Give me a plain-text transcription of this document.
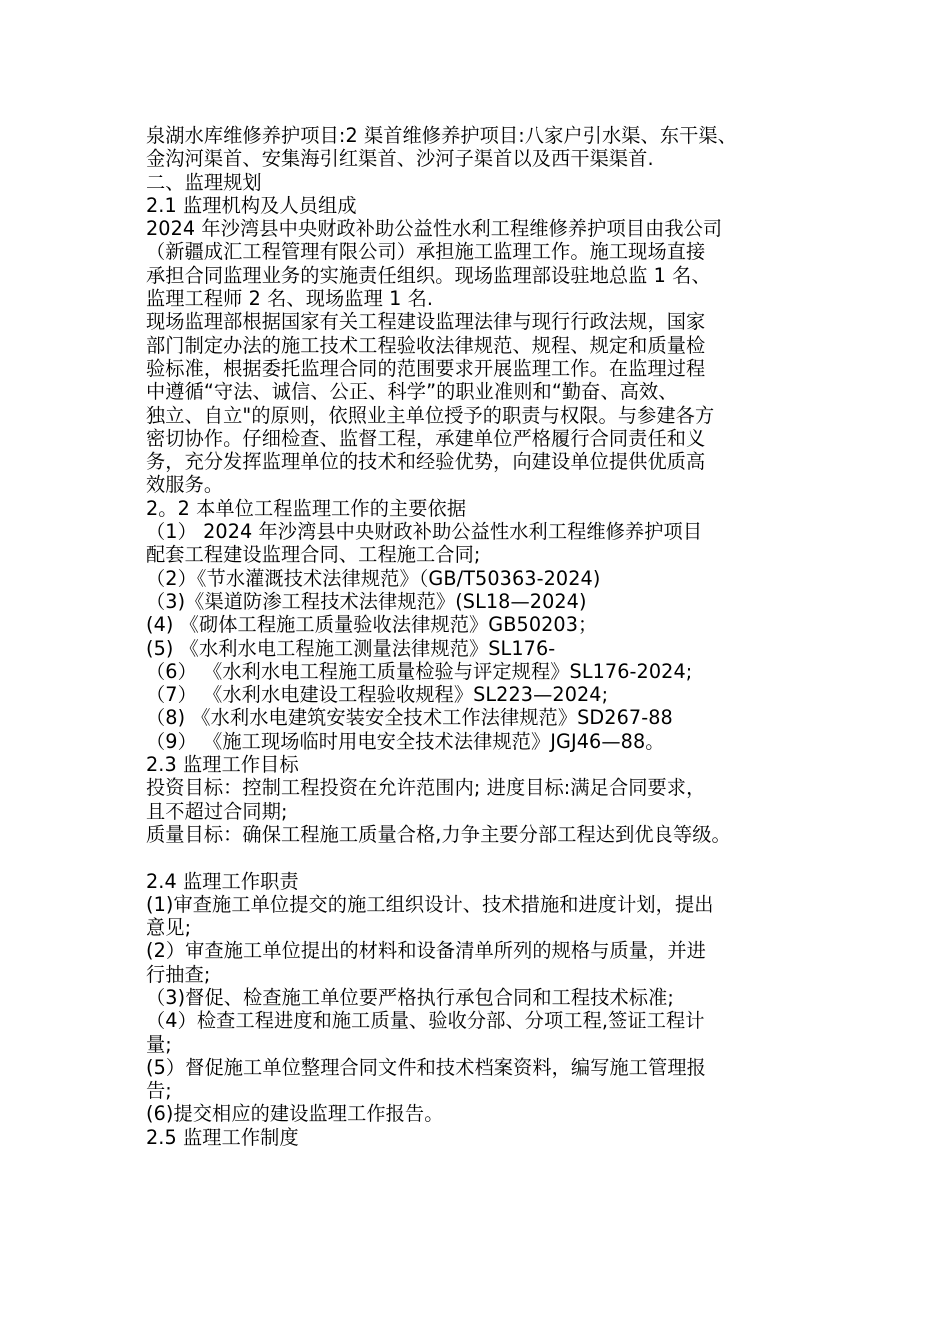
泉湖水库维修养护项目:2 渠首维修养护项目:八家户引水渠、东干渠、
金沟河渠首、安集海引红渠首、沙河子渠首以及西干渠渠首.
二、监理规划
2.1 监理机构及人员组成
2024 年沙湾县中央财政补助公益性水利工程维修养护项目由我公司
（新疆成汇工程管理有限公司）承担施工监理工作。施工现场直接
承担合同监理业务的实施责任组织。现场监理部设驻地总监 1 名、
监理工程师 2 名、现场监理 1 名.
现场监理部根据国家有关工程建设监理法律与现行行政法规，国家
部门制定办法的施工技术工程验收法律规范、规程、规定和质量检
验标准，根据委托监理合同的范围要求开展监理工作。在监理过程
中遵循“守法、诚信、公正、科学”的职业准则和“勤奋、高效、
独立、自立"的原则，依照业主单位授予的职责与权限。与参建各方
密切协作。仔细检查、监督工程，承建单位严格履行合同责任和义
务，充分发挥监理单位的技术和经验优势，向建设单位提供优质高
效服务。
2。2 本单位工程监理工作的主要依据
（1） 2024 年沙湾县中央财政补助公益性水利工程维修养护项目
配套工程建设监理合同、工程施工合同;
（2）《节水灌溉技术法律规范》（GB/T50363-2024)
（3)《渠道防渗工程技术法律规范》(SL18—2024)
(4) 《砌体工程施工质量验收法律规范》GB50203；
(5) 《水利水电工程施工测量法律规范》SL176-
（6） 《水利水电工程施工质量检验与评定规程》SL176-2024;
（7） 《水利水电建设工程验收规程》SL223—2024;
（8) 《水利水电建筑安装安全技术工作法律规范》SD267-88
（9） 《施工现场临时用电安全技术法律规范》JGJ46—88。
2.3 监理工作目标
投资目标：控制工程投资在允许范围内; 进度目标:满足合同要求，
且不超过合同期;
质量目标：确保工程施工质量合格,力争主要分部工程达到优良等级。
2.4 监理工作职责
(1)审查施工单位提交的施工组织设计、技术措施和进度计划，提出
意见;
(2）审查施工单位提出的材料和设备清单所列的规格与质量，并进
行抽查;
（3)督促、检查施工单位要严格执行承包合同和工程技术标准;
（4）检查工程进度和施工质量、验收分部、分项工程,签证工程计
量;
(5）督促施工单位整理合同文件和技术档案资料，编写施工管理报
告;
(6)提交相应的建设监理工作报告。
2.5 监理工作制度
